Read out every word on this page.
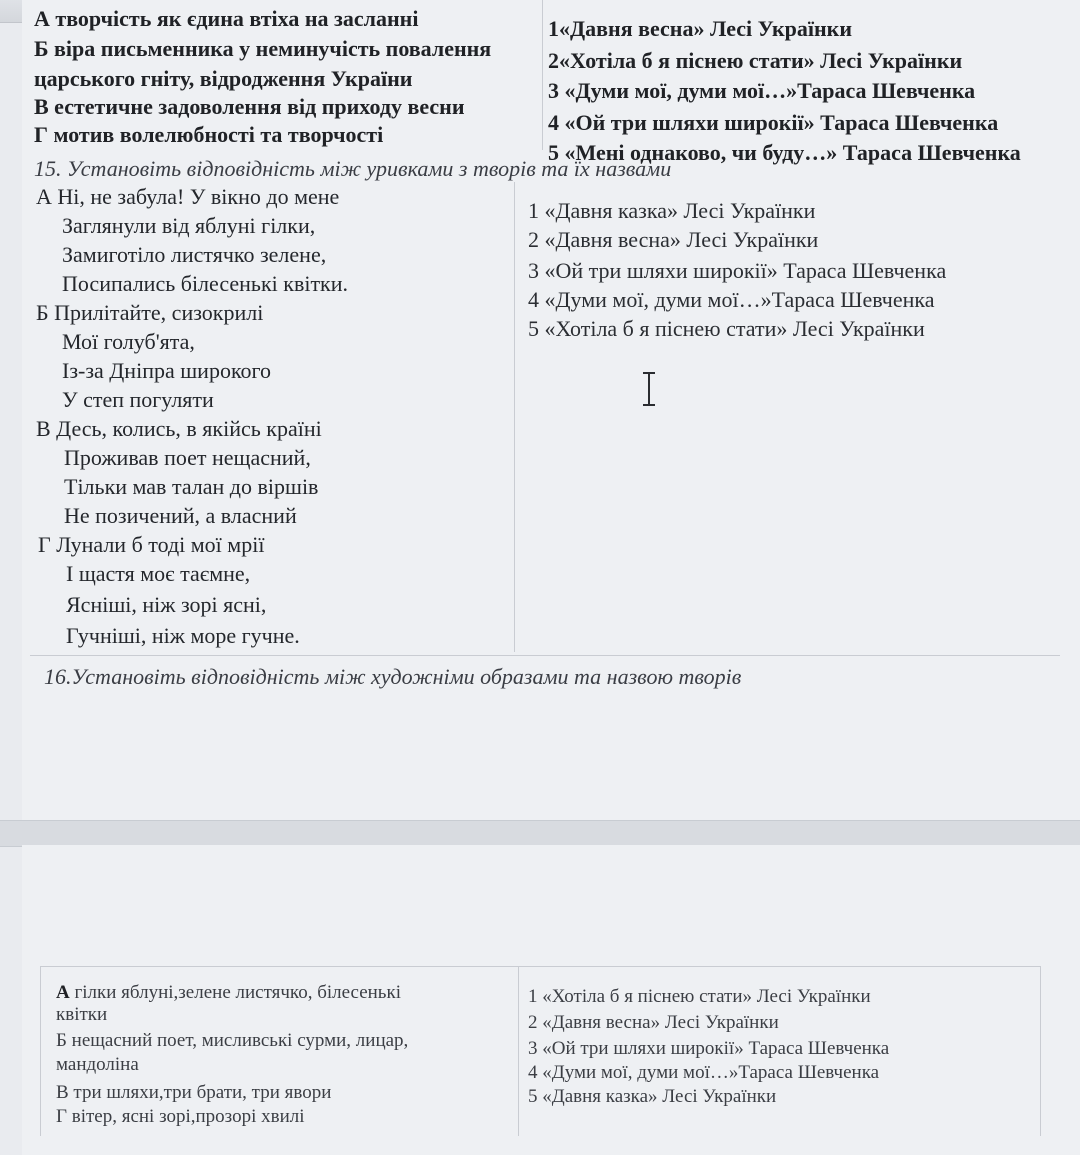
А творчість як єдина втіха на засланні
Б віра письменника у неминучість повалення
царського гніту, відродження України
В естетичне задоволення від приходу весни
Г мотив волелюбності та творчості
1«Давня весна» Лесі Українки
2«Хотіла б я піснею стати» Лесі Українки
3 «Думи мої, думи мої…»Тараса Шевченка
4 «Ой три шляхи широкії» Тараса Шевченка
5 «Мені однаково, чи буду…» Тараса Шевченка
15. Установіть відповідність між уривками з творів та їх назвами
А Ні, не забула! У вікно до мене
Заглянули від яблуні гілки,
Замиготіло листячко зелене,
Посипались білесенькі квітки.
Б Прилітайте, сизокрилі
Мої голуб'ята,
Із-за Дніпра широкого
У степ погуляти
В Десь, колись, в якійсь країні
Проживав поет нещасний,
Тільки мав талан до віршів
Не позичений, а власний
Г Лунали б тоді мої мрії
І щастя моє таємне,
Ясніші, ніж зорі ясні,
Гучніші, ніж море гучне.
1 «Давня казка» Лесі Українки
2 «Давня весна» Лесі Українки
3 «Ой три шляхи широкії» Тараса Шевченка
4 «Думи мої, думи мої…»Тараса Шевченка
5 «Хотіла б я піснею стати» Лесі Українки
16.Установіть відповідність між художніми образами та назвою творів
А гілки яблуні,зелене листячко, білесенькі
квітки
Б нещасний поет, мисливські сурми, лицар,
мандоліна
В три шляхи,три брати, три явори
Г вітер, ясні зорі,прозорі хвилі
1 «Хотіла б я піснею стати» Лесі Українки
2 «Давня весна» Лесі Українки
3 «Ой три шляхи широкії» Тараса Шевченка
4 «Думи мої, думи мої…»Тараса Шевченка
5 «Давня казка» Лесі Українки
